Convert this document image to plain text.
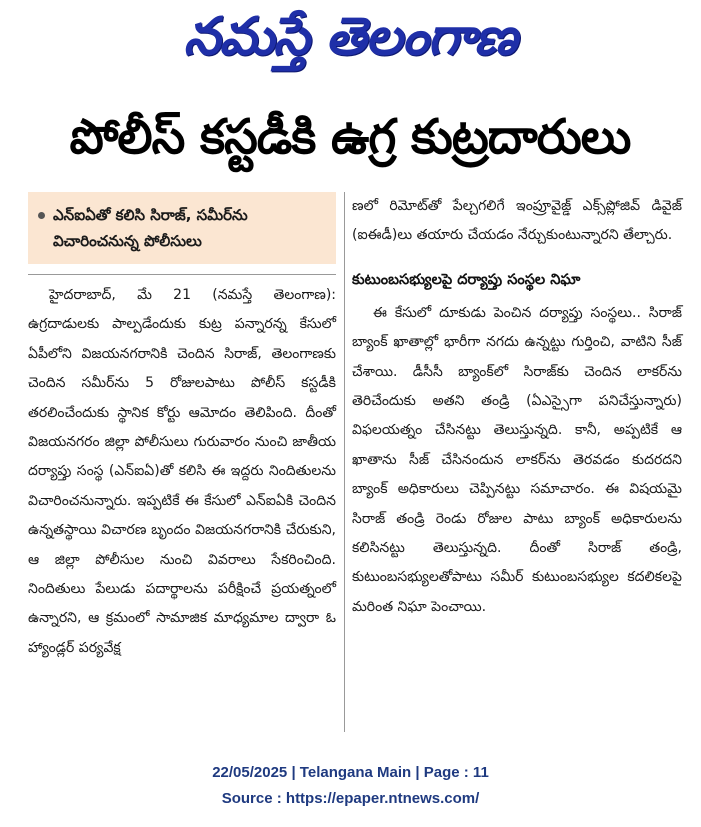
నమస్తే తెలంగాణ
పోలీస్ కస్టడీకి ఉగ్ర కుట్రదారులు
ఎన్ఐఏతో కలిసి సిరాజ్, సమీర్‌ను విచారించనున్న పోలీసులు

హైదరాబాద్, మే 21 (నమస్తే తెలంగాణ): ఉగ్రదాడులకు పాల్పడేందుకు కుట్ర పన్నారన్న కేసులో ఏపీలోని విజయనగరానికి చెందిన సిరాజ్, తెలంగాణకు చెందిన సమీర్‌ను 5 రోజులపాటు పోలీస్ కస్టడీకి తరలించేందుకు స్థానిక కోర్టు ఆమోదం తెలిపింది. దీంతో విజయనగరం జిల్లా పోలీసులు గురువారం నుంచి జాతీయ దర్యాప్తు సంస్థ (ఎన్ఐఏ)తో కలిసి ఈ ఇద్దరు నిందితులను విచారించనున్నారు. ఇప్పటికే ఈ కేసులో ఎన్ఐఏకి చెందిన ఉన్నతస్థాయి విచారణ బృందం విజయనగరానికి చేరుకుని, ఆ జిల్లా పోలీసుల నుంచి వివరాలు సేకరించింది. నిందితులు పేలుడు పదార్థాలను పరీక్షించే ప్రయత్నంలో ఉన్నారని, ఆ క్రమంలో సామాజిక మాధ్యమాల ద్వారా ఓ హ్యాండ్లర్ పర్యవేక్ష

ణలో రిమోట్‌తో పేల్చగలిగే ఇంప్రూవైజ్డ్ ఎక్స్‌ప్లోజివ్ డివైజ్ (ఐఈడీ)లు తయారు చేయడం నేర్చుకుంటున్నారని తేల్చారు.

కుటుంబసభ్యులపై దర్యాప్తు సంస్థల నిఘా

ఈ కేసులో దూకుడు పెంచిన దర్యాప్తు సంస్థలు.. సిరాజ్ బ్యాంక్ ఖాతాల్లో భారీగా నగదు ఉన్నట్టు గుర్తించి, వాటిని సీజ్ చేశాయి. డీసీసీ బ్యాంక్‌లో సిరాజ్‌కు చెందిన లాకర్‌ను తెరిచేందుకు అతని తండ్రి (ఏఎస్సైగా పనిచేస్తున్నారు) విఫలయత్నం చేసినట్టు తెలుస్తున్నది. కానీ, అప్పటికే ఆ ఖాతాను సీజ్ చేసినందున లాకర్‌ను తెరవడం కుదరదని బ్యాంక్ అధికారులు చెప్పినట్టు సమాచారం. ఈ విషయమై సిరాజ్ తండ్రి రెండు రోజుల పాటు బ్యాంక్ అధికారులను కలిసినట్టు తెలుస్తున్నది. దీంతో సిరాజ్ తండ్రి, కుటుంబసభ్యులతోపాటు సమీర్ కుటుంబసభ్యుల కదలికలపై మరింత నిఘా పెంచాయి.

22/05/2025 | Telangana Main | Page : 11
Source : https://epaper.ntnews.com/
